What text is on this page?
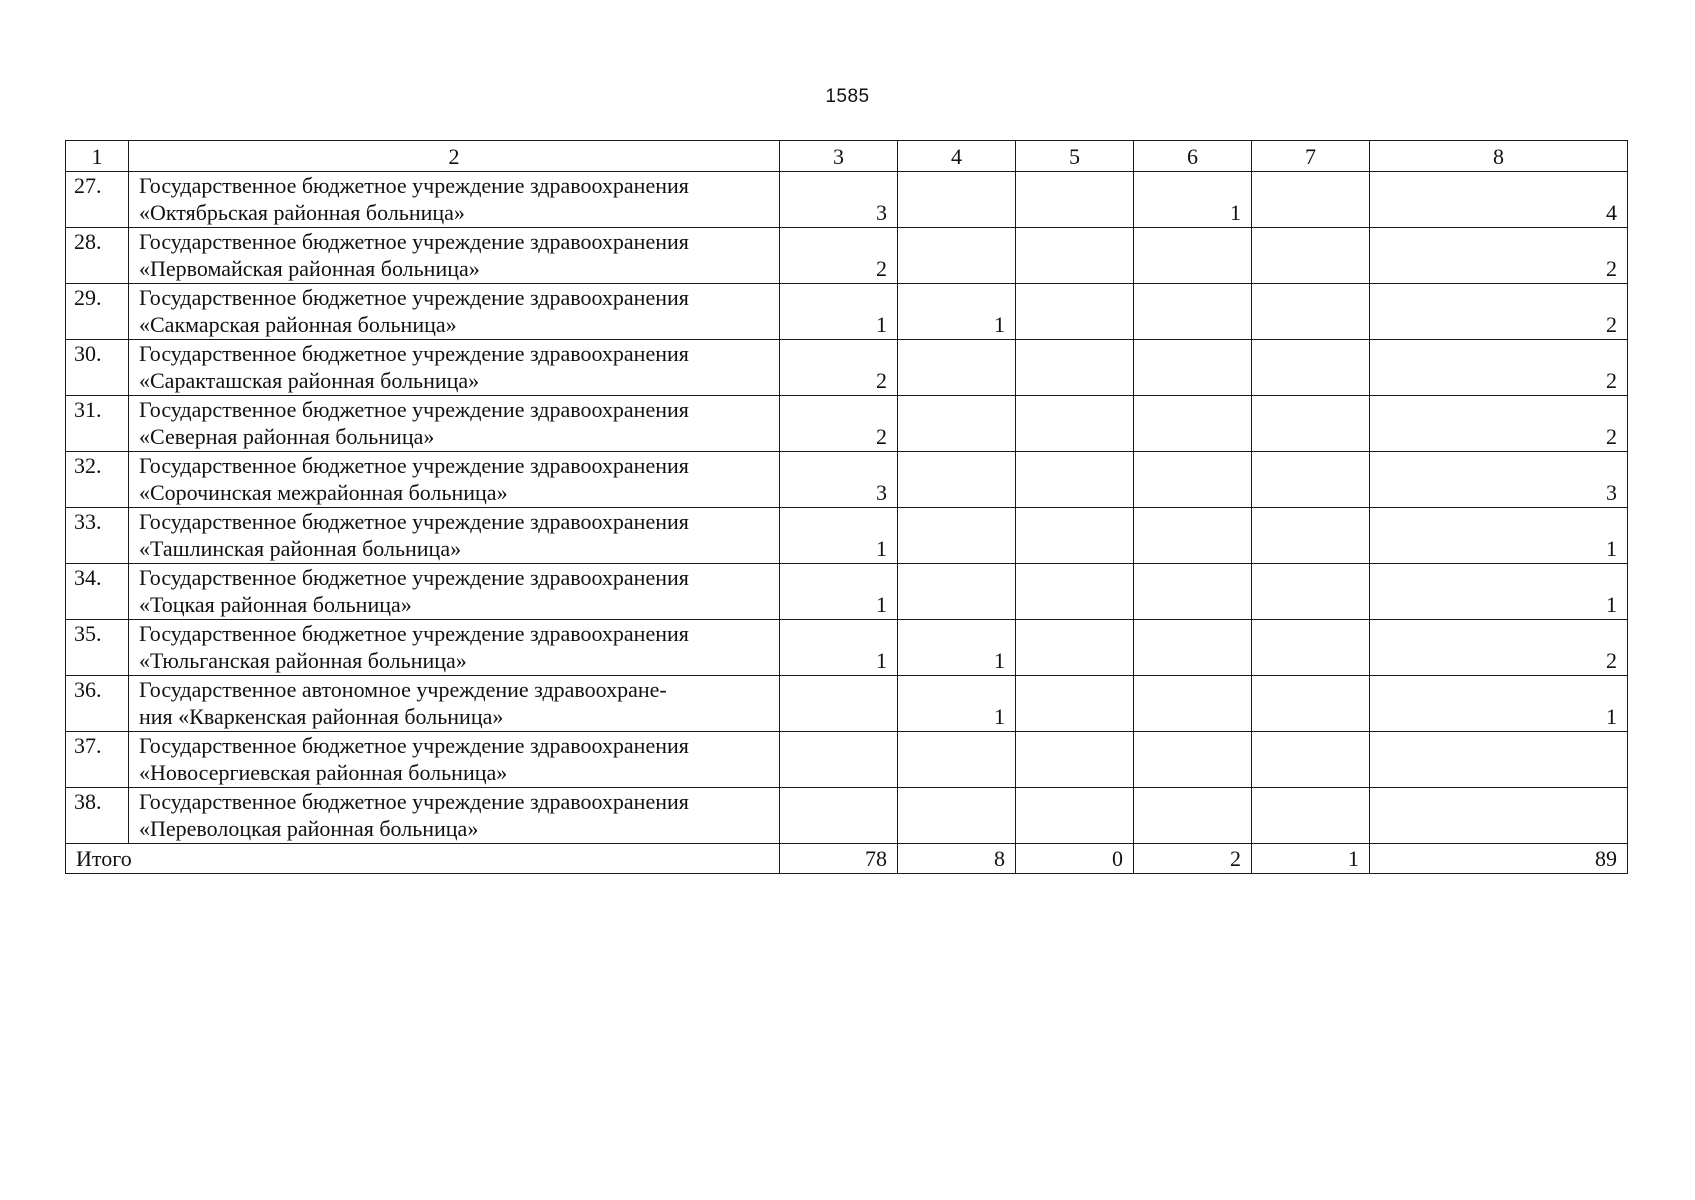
1585
1	2	3	4	5	6	7	8
27.	Государственное бюджетное учреждение здравоохранения
«Октябрьская районная больница»	3			1		4
28.	Государственное бюджетное учреждение здравоохранения
«Первомайская районная больница»	2					2
29.	Государственное бюджетное учреждение здравоохранения
«Сакмарская районная больница»	1	1				2
30.	Государственное бюджетное учреждение здравоохранения
«Саракташская районная больница»	2					2
31.	Государственное бюджетное учреждение здравоохранения
«Северная районная больница»	2					2
32.	Государственное бюджетное учреждение здравоохранения
«Сорочинская межрайонная больница»	3					3
33.	Государственное бюджетное учреждение здравоохранения
«Ташлинская районная больница»	1					1
34.	Государственное бюджетное учреждение здравоохранения
«Тоцкая районная больница»	1					1
35.	Государственное бюджетное учреждение здравоохранения
«Тюльганская районная больница»	1	1				2
36.	Государственное автономное учреждение здравоохране-
ния «Кваркенская районная больница»		1				1
37.	Государственное бюджетное учреждение здравоохранения
«Новосергиевская районная больница»						

38.	Государственное бюджетное учреждение здравоохранения
«Переволоцкая районная больница»						

Итого		78	8	0	2	1	89
